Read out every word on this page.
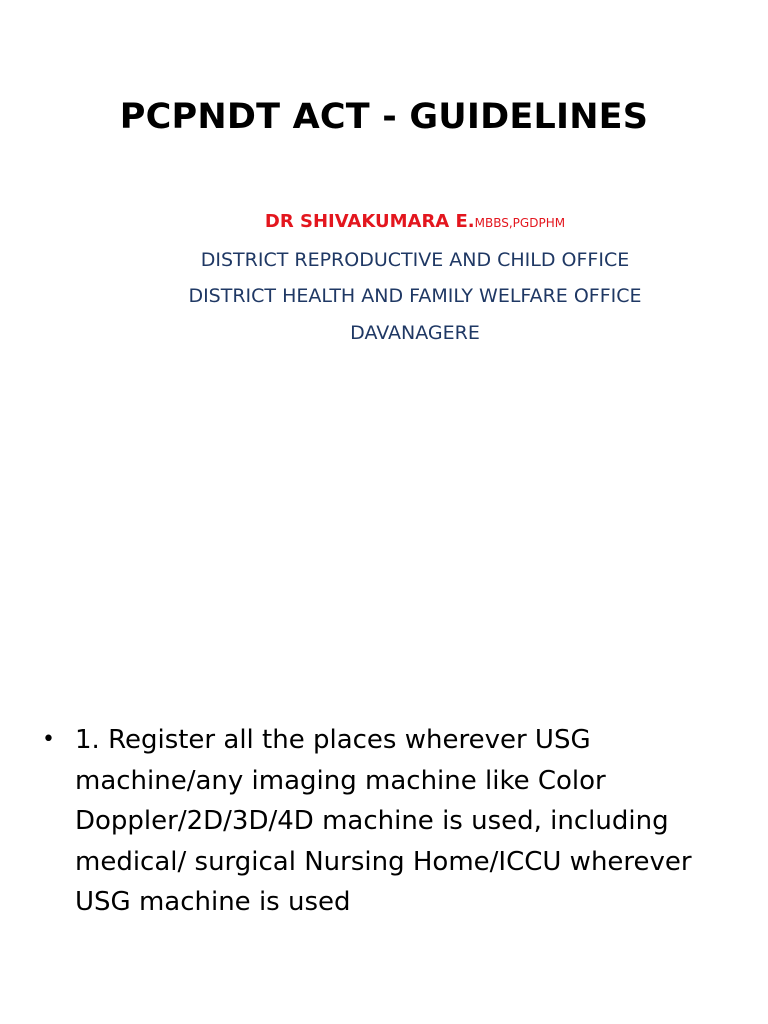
PCPNDT ACT - GUIDELINES
DR SHIVAKUMARA E.MBBS,PGDPHM
DISTRICT REPRODUCTIVE AND CHILD OFFICE
DISTRICT HEALTH AND FAMILY WELFARE OFFICE
DAVANAGERE
• 1. Register all the places wherever USG machine/any imaging machine like Color Doppler/2D/3D/4D machine is used, including medical/ surgical Nursing Home/ICCU wherever USG machine is used
